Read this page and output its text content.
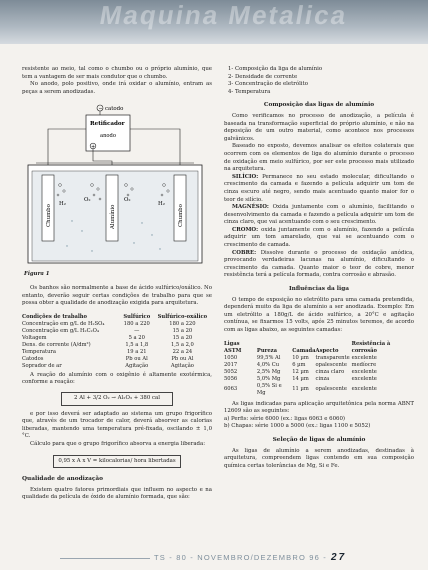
Maquina Metalica

resistente ao meio, tal como o chumbo ou o próprio alumínio, que tem a vantagem de ser mais condutor que o chumbo.

No anodo, polo positivo, onde irá oxidar o alumínio, entram as peças a serem anodizadas.

− catodo
Retificador
anodo
+
Chumbo	Alumínio	Chumbo
H₂
O₂	O₂
H₂
Figura 1

Os banhos são normalmente a base de ácido sulfúrico/oxálico. No entanto, deverão seguir certas condições de trabalho para que se possa obter a qualidade de anodização exigida para arquitetura.

Condições de trabalho	Sulfúrico	Sulfúrico-oxálico
Concentração em g/L de H₂SO₄	180 a 220	180 a 220
Concentração em g/L H₂C₂O₄	—	15 a 20
Voltagem	5 a 20	15 a 20
Dens. de corrente (A/dm²)	1,5 a 1,8	1,5 a 2,0
Temperatura	19 a 21	22 a 24
Catodos	Pb ou Al	Pb ou Al
Soprador de ar	Agitação	Agitação

A reação do alumínio com o oxigênio é altamente exotérmica, conforme a reação:

2 Al + 3/2 O₂ → Al₂O₃ + 380 cal

e por isso deverá ser adaptado ao sistema um grupo frigorífico que, através de um trocador de calor, deverá absorver as calorias liberadas, mantendo uma temperatura pré-fixada, oscilando ± 1,0 °C.

Cálculo para que o grupo frigorífico absorva a energia liberada:

0,95 x A x V = kilocalorias/ hora libertadas
Qualidade de anodização

Existem quatro fatores primordiais que influem no aspecto e na qualidade da película de óxido de alumínio formada, que são:

1- Composição da liga de alumínio
2- Densidade de corrente
3- Concentração de eletrólito
4- Temperatura
Composição das ligas de alumínio

Como verificamos no processo de anodização, a película é baseada na transformação superficial do próprio alumínio, e não na deposição de um outro material, como acontece nos processos galvânicos.

Baseado no exposto, devemos analisar os efeitos colaterais que ocorrem com os elementos de liga do alumínio durante o processo de oxidação em meio sulfúrico, por ser este processo mais utilizado na arquitetura.

SILÍCIO: Permanece no seu estado molecular, dificultando o crescimento da camada e fazendo a película adquirir um tom de cinza escuro até negro, sendo mais acentuado quanto maior for o teor de silício.

MAGNÉSIO: Oxida juntamente com o alumínio, facilitando o desenvolvimento da camada e fazendo a película adquirir um tom de cinza claro, que vai acentuando com o seu crescimento.

CROMO: oxida juntamente com o alumínio, fazendo a película adquirir um tom amarelado, que vai se acentuando com o crescimento de camada.

COBRE: Dissolve durante o processo de oxidação anódica, provocando verdadeiras lacunas na alumínio, dificultando o crescimento da camada. Quanto maior o teor de cobre, menor resistência terá a película formada, contra corrosão e abrasão.

Influências da liga

O tempo de exposição no eletrólito para uma camada pretendida, dependerá muito da liga de alumínio a ser anodizada. Exemplo: Em um eletrólito a 180g/L de ácido sulfúrico, a 20°C e agitação contínua, se fixarmos 15 volts, após 25 minutos teremos, de acordo com as ligas abaixo, as seguintes camadas:

Ligas ASTM	Pureza	Camada	Aspecto	Resistência à corrosão
1050	99,5% Al	10 µm	transparente	excelente
2017	4,0% Cu	6 µm	opalescente	medíocre
5052	2,5% Mg	12 µm	cinza claro	excelente
5056	5,0% Mg	14 µm	cinza	excelente
6063	0,5% Si e Mg	11 µm	opalescente	excelente

As ligas indicadas para aplicação arquitetônica pela norma ABNT 12609 são as seguintes:

a) Perfis: série 6000 (ex.: ligas 6063 e 6060)

b) Chapas: série 1000 a 5000 (ex.: ligas 1100 e 5052)

Seleção de ligas de alumínio

As ligas de alumínio a serem anodizadas, destinadas à arquitetura, compreendem ligas contendo em sua composição química certas tolerâncias de Mg, Si e Fe.

TS - 80 - NOVEMBRO/DEZEMBRO 96 - 27
